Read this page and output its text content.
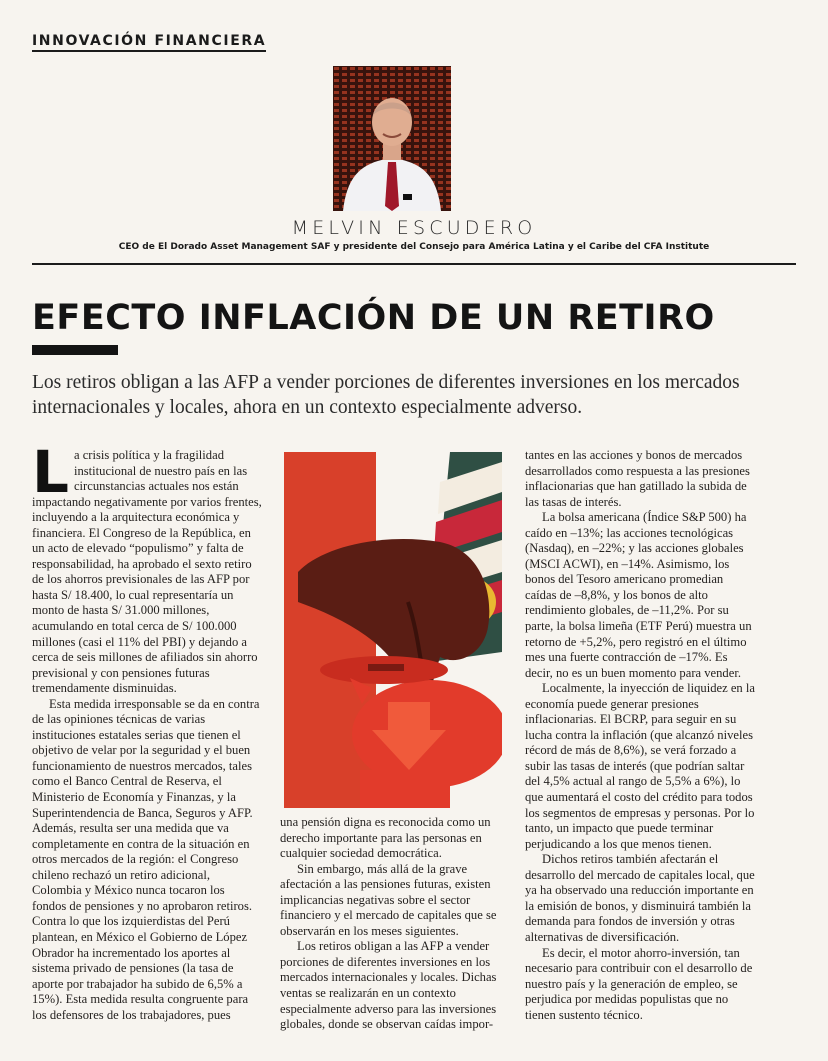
INNOVACIÓN FINANCIERA
MELVIN ESCUDERO
CEO de El Dorado Asset Management SAF y presidente del Consejo para América Latina y el Caribe del CFA Institute
EFECTO INFLACIÓN DE UN RETIRO
Los retiros obligan a las AFP a vender porciones de diferentes inversiones en los mercados internacionales y locales, ahora en un contexto especialmente adverso.

La crisis política y la fragilidad institucional de nuestro país en las circunstancias actuales nos están impactando negativamente por varios frentes, incluyendo a la arquitectura económica y financiera. El Congreso de la República, en un acto de elevado “populismo” y falta de responsabilidad, ha aprobado el sexto retiro de los ahorros previsionales de las AFP por hasta S/ 18.400, lo cual representaría un monto de hasta S/ 31.000 millones, acumulando en total cerca de S/ 100.000 millones (casi el 11% del PBI) y dejando a cerca de seis millones de afiliados sin ahorro previsional y con pensiones futuras tremendamente disminuidas.

Esta medida irresponsable se da en contra de las opiniones técnicas de varias instituciones estatales serias que tienen el objetivo de velar por la seguridad y el buen funcionamiento de nuestros mercados, tales como el Banco Central de Reserva, el Ministerio de Economía y Finanzas, y la Superintendencia de Banca, Seguros y AFP. Además, resulta ser una medida que va completamente en contra de la situación en otros mercados de la región: el Congreso chileno rechazó un retiro adicional, Colombia y México nunca tocaron los fondos de pensiones y no aprobaron retiros. Contra lo que los izquierdistas del Perú plantean, en México el Gobierno de López Obrador ha incrementado los aportes al sistema privado de pensiones (la tasa de aporte por trabajador ha subido de 6,5% a 15%). Esta medida resulta congruente para los defensores de los trabajadores, pues

una pensión digna es reconocida como un derecho importante para las personas en cualquier sociedad democrática.

Sin embargo, más allá de la grave afectación a las pensiones futuras, existen implicancias negativas sobre el sector financiero y el mercado de capitales que se observarán en los meses siguientes.

Los retiros obligan a las AFP a vender porciones de diferentes inversiones en los mercados internacionales y locales. Dichas ventas se realizarán en un contexto especialmente adverso para las inversiones globales, donde se observan caídas impor-

tantes en las acciones y bonos de mercados desarrollados como respuesta a las presiones inflacionarias que han gatillado la subida de las tasas de interés.

La bolsa americana (Índice S&P 500) ha caído en –13%; las acciones tecnológicas (Nasdaq), en –22%; y las acciones globales (MSCI ACWI), en –14%. Asimismo, los bonos del Tesoro americano promedian caídas de –8,8%, y los bonos de alto rendimiento globales, de –11,2%. Por su parte, la bolsa limeña (ETF Perú) muestra un retorno de +5,2%, pero registró en el último mes una fuerte contracción de –17%. Es decir, no es un buen momento para vender.

Localmente, la inyección de liquidez en la economía puede generar presiones inflacionarias. El BCRP, para seguir en su lucha contra la inflación (que alcanzó niveles récord de más de 8,6%), se verá forzado a subir las tasas de interés (que podrían saltar del 4,5% actual al rango de 5,5% a 6%), lo que aumentará el costo del crédito para todos los segmentos de empresas y personas. Por lo tanto, un impacto que puede terminar perjudicando a los que menos tienen.

Dichos retiros también afectarán el desarrollo del mercado de capitales local, que ya ha observado una reducción importante en la emisión de bonos, y disminuirá también la demanda para fondos de inversión y otras alternativas de diversificación.

Es decir, el motor ahorro-inversión, tan necesario para contribuir con el desarrollo de nuestro país y la generación de empleo, se perjudica por medidas populistas que no tienen sustento técnico.
